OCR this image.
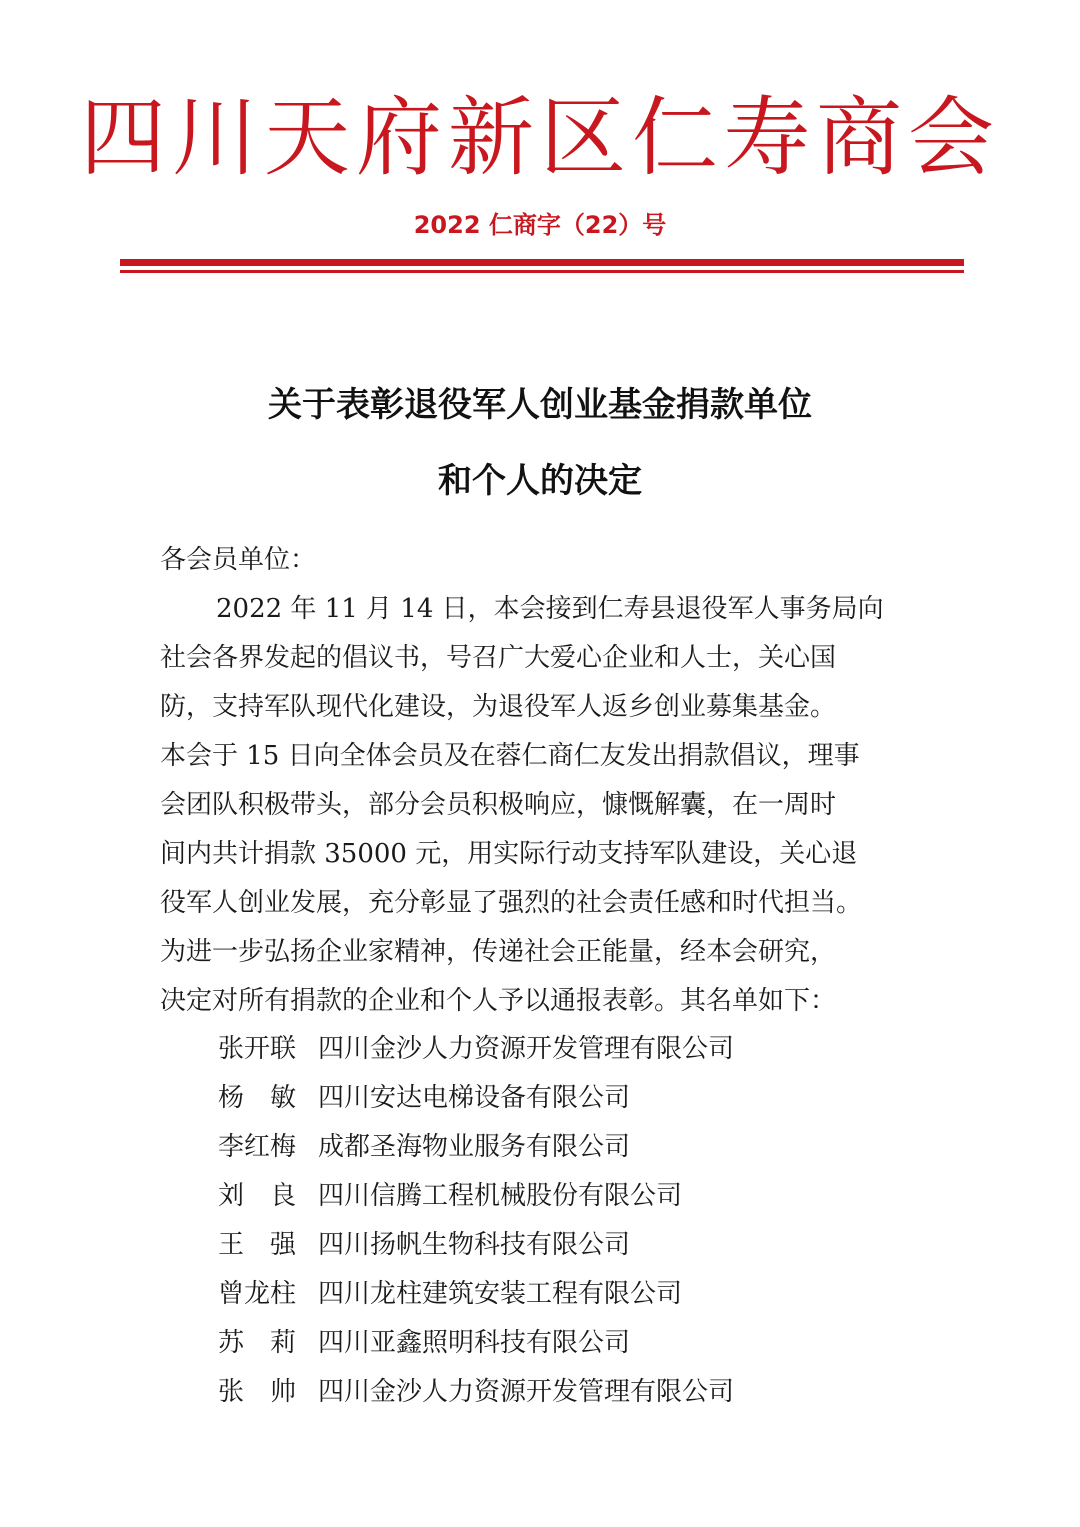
四川天府新区仁寿商会
2022 仁商字（22）号
关于表彰退役军人创业基金捐款单位
和个人的决定
各会员单位：
2022 年 11 月 14 日，本会接到仁寿县退役军人事务局向
社会各界发起的倡议书，号召广大爱心企业和人士，关心国
防，支持军队现代化建设，为退役军人返乡创业募集基金。
本会于 15 日向全体会员及在蓉仁商仁友发出捐款倡议，理事
会团队积极带头，部分会员积极响应，慷慨解囊，在一周时
间内共计捐款 35000 元，用实际行动支持军队建设，关心退
役军人创业发展，充分彰显了强烈的社会责任感和时代担当。
为进一步弘扬企业家精神，传递社会正能量，经本会研究，
决定对所有捐款的企业和个人予以通报表彰。其名单如下：
张开联 四川金沙人力资源开发管理有限公司
杨　敏 四川安达电梯设备有限公司
李红梅 成都圣海物业服务有限公司
刘　良 四川信腾工程机械股份有限公司
王　强 四川扬帆生物科技有限公司
曾龙柱 四川龙柱建筑安装工程有限公司
苏　莉 四川亚鑫照明科技有限公司
张　帅 四川金沙人力资源开发管理有限公司
